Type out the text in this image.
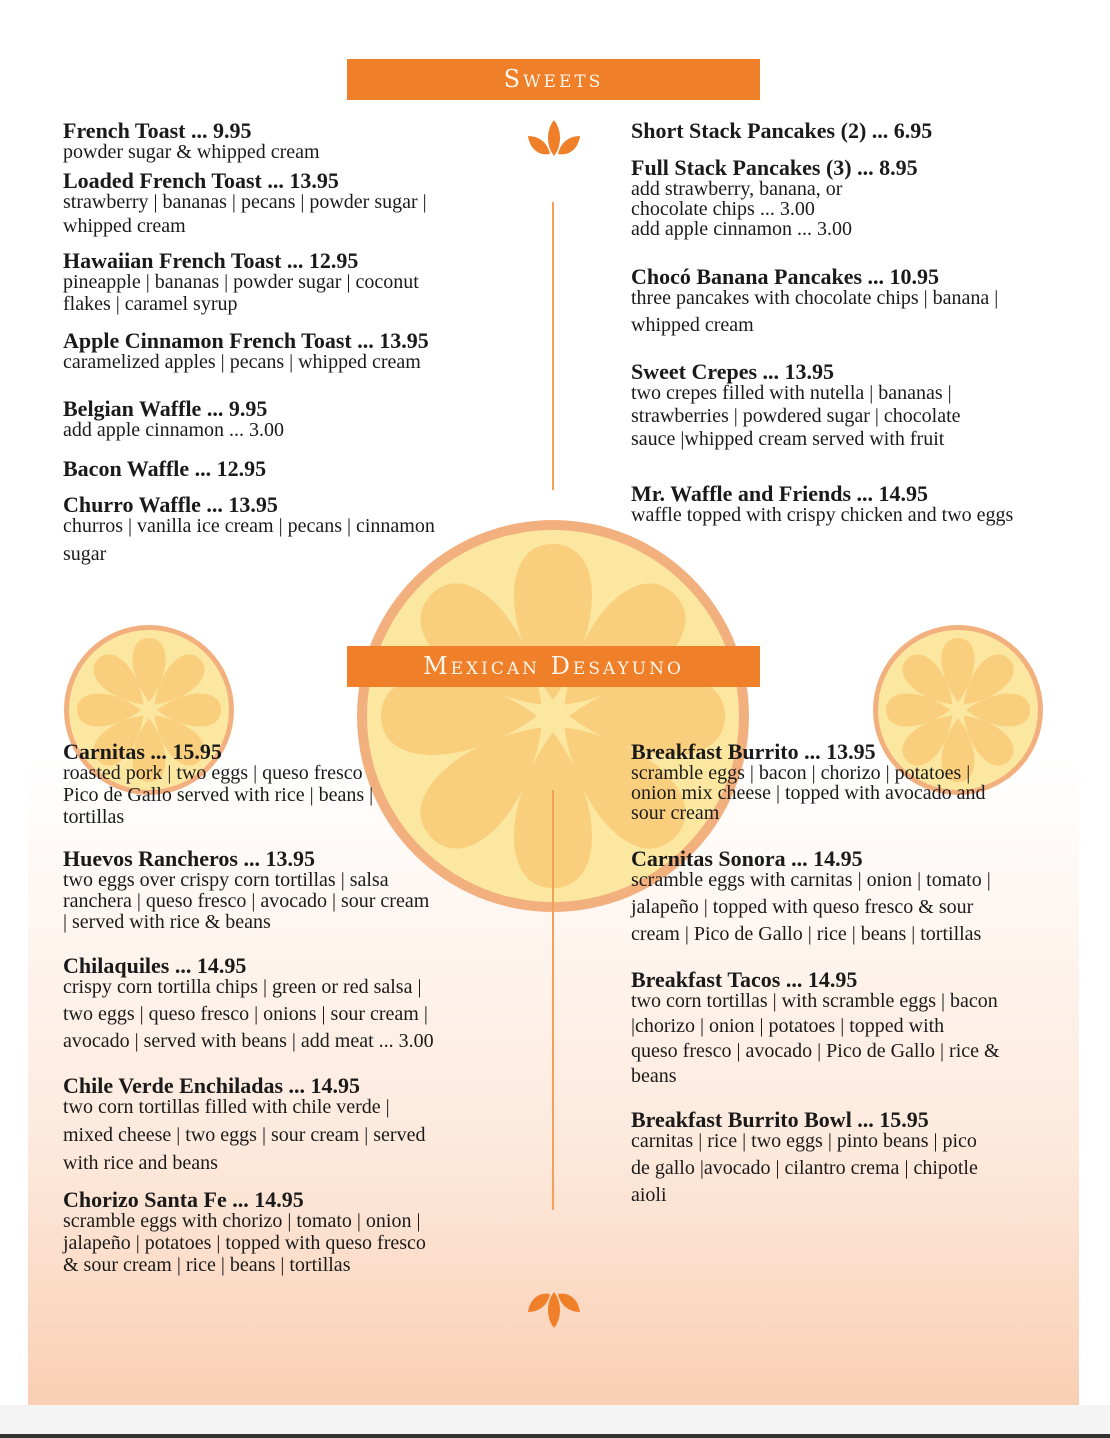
Sweets
Mexican Desayuno
French Toast ... 9.95
powder sugar & whipped cream
Loaded French Toast ... 13.95
strawberry | bananas | pecans | powder sugar |
whipped cream
Hawaiian French Toast ... 12.95
pineapple | bananas | powder sugar | coconut
flakes | caramel syrup
Apple Cinnamon French Toast ... 13.95
caramelized apples | pecans | whipped cream
Belgian Waffle ... 9.95
add apple cinnamon ... 3.00
Bacon Waffle ... 12.95
Churro Waffle ... 13.95
churros | vanilla ice cream | pecans | cinnamon
sugar
Short Stack Pancakes (2) ... 6.95
Full Stack Pancakes (3) ... 8.95
add strawberry, banana, or
chocolate chips ... 3.00
add apple cinnamon ... 3.00
Chocó Banana Pancakes ... 10.95
three pancakes with chocolate chips | banana |
whipped cream
Sweet Crepes ... 13.95
two crepes filled with nutella | bananas |
strawberries | powdered sugar | chocolate
sauce |whipped cream served with fruit
Mr. Waffle and Friends ... 14.95
waffle topped with crispy chicken and two eggs
Carnitas ... 15.95
roasted pork | two eggs | queso fresco
Pico de Gallo served with rice | beans |
tortillas
Huevos Rancheros ... 13.95
two eggs over crispy corn tortillas | salsa
ranchera | queso fresco | avocado | sour cream
| served with rice & beans
Chilaquiles ... 14.95
crispy corn tortilla chips | green or red salsa |
two eggs | queso fresco | onions | sour cream |
avocado | served with beans | add meat ... 3.00
Chile Verde Enchiladas ... 14.95
two corn tortillas filled with chile verde |
mixed cheese | two eggs | sour cream | served
with rice and beans
Chorizo Santa Fe ... 14.95
scramble eggs with chorizo | tomato | onion |
jalapeño | potatoes | topped with queso fresco
& sour cream | rice | beans | tortillas
Breakfast Burrito ... 13.95
scramble eggs | bacon | chorizo | potatoes |
onion mix cheese | topped with avocado and
sour cream
Carnitas Sonora ... 14.95
scramble eggs with carnitas | onion | tomato |
jalapeño | topped with queso fresco & sour
cream | Pico de Gallo | rice | beans | tortillas
Breakfast Tacos ... 14.95
two corn tortillas | with scramble eggs | bacon
|chorizo | onion | potatoes | topped with
queso fresco | avocado | Pico de Gallo | rice &
beans
Breakfast Burrito Bowl ... 15.95
carnitas | rice | two eggs | pinto beans | pico
de gallo |avocado | cilantro crema | chipotle
aioli
